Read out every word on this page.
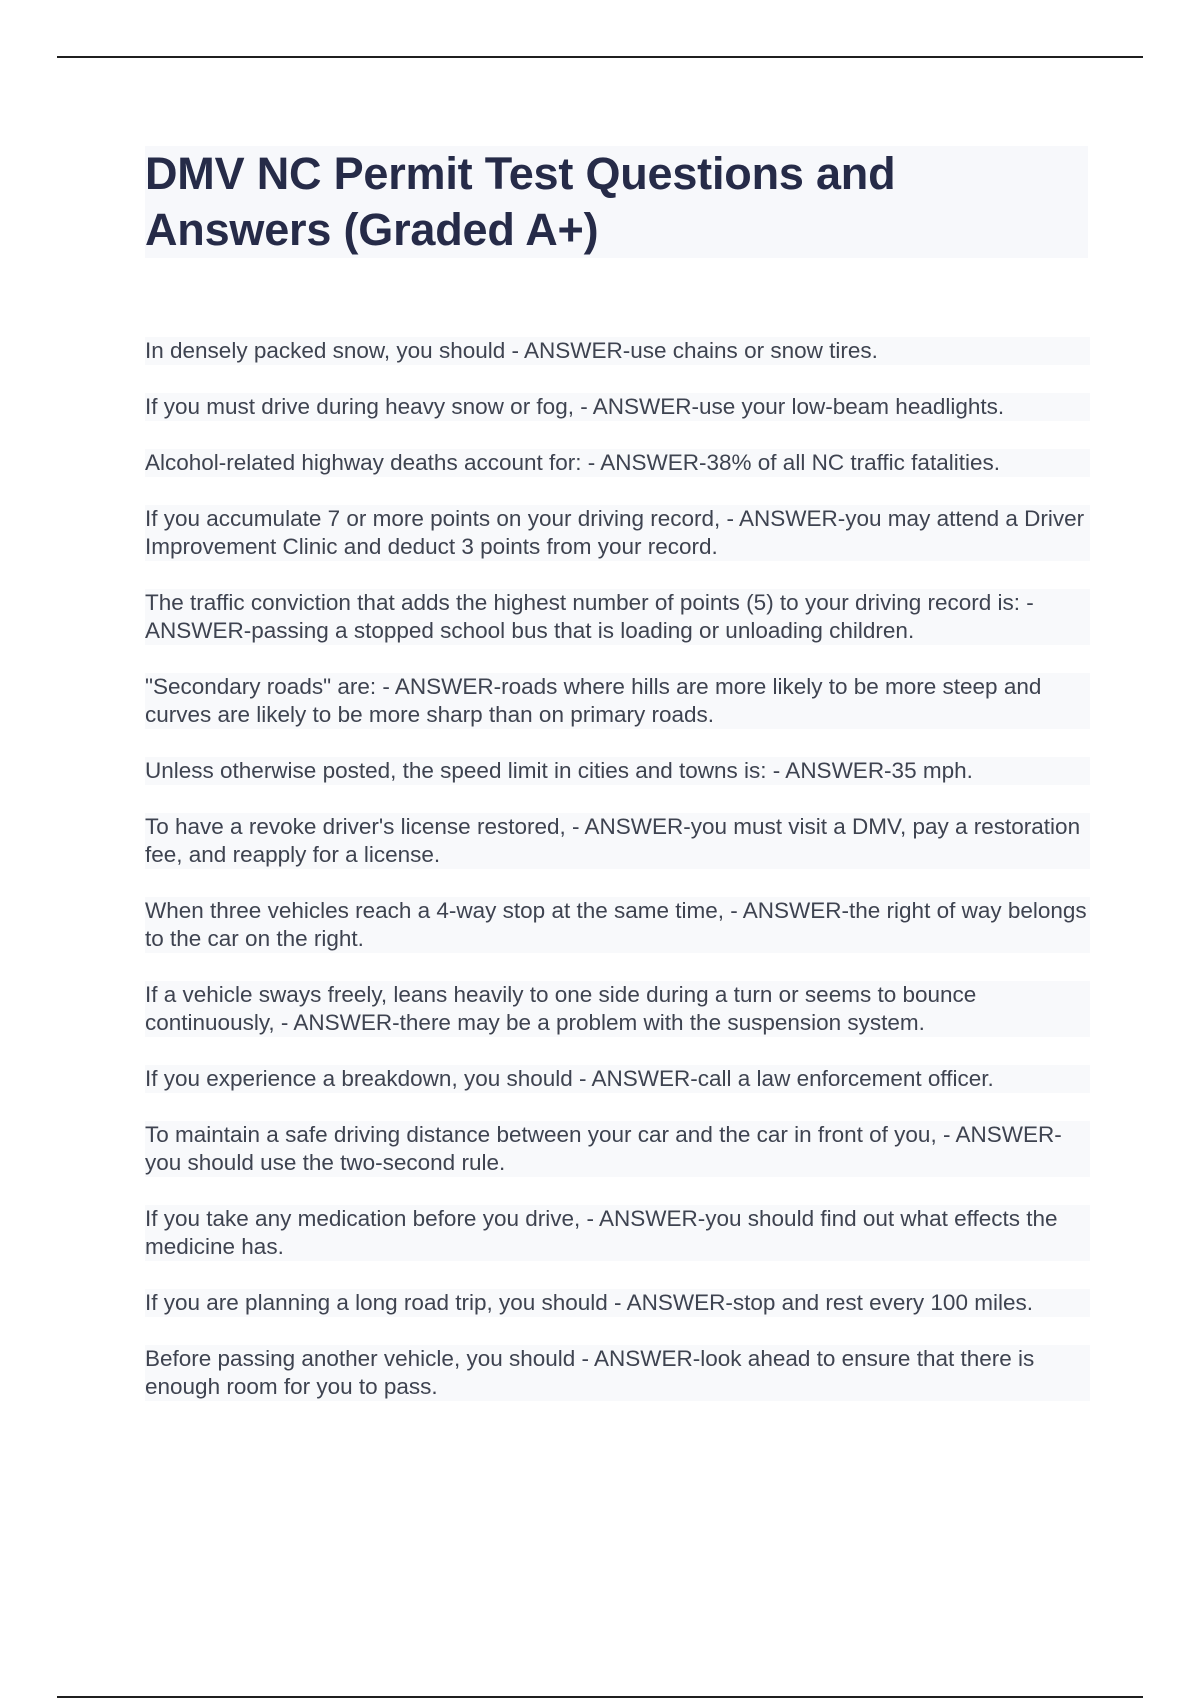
DMV NC Permit Test Questions and Answers (Graded A+)
In densely packed snow, you should - ANSWER-use chains or snow tires.
If you must drive during heavy snow or fog, - ANSWER-use your low-beam headlights.
Alcohol-related highway deaths account for: - ANSWER-38% of all NC traffic fatalities.
If you accumulate 7 or more points on your driving record, - ANSWER-you may attend a Driver Improvement Clinic and deduct 3 points from your record.
The traffic conviction that adds the highest number of points (5) to your driving record is: - ANSWER-passing a stopped school bus that is loading or unloading children.
"Secondary roads" are: - ANSWER-roads where hills are more likely to be more steep and curves are likely to be more sharp than on primary roads.
Unless otherwise posted, the speed limit in cities and towns is: - ANSWER-35 mph.
To have a revoke driver's license restored, - ANSWER-you must visit a DMV, pay a restoration fee, and reapply for a license.
When three vehicles reach a 4-way stop at the same time, - ANSWER-the right of way belongs to the car on the right.
If a vehicle sways freely, leans heavily to one side during a turn or seems to bounce continuously, - ANSWER-there may be a problem with the suspension system.
If you experience a breakdown, you should - ANSWER-call a law enforcement officer.
To maintain a safe driving distance between your car and the car in front of you, - ANSWER-you should use the two-second rule.
If you take any medication before you drive, - ANSWER-you should find out what effects the medicine has.
If you are planning a long road trip, you should - ANSWER-stop and rest every 100 miles.
Before passing another vehicle, you should - ANSWER-look ahead to ensure that there is enough room for you to pass.
